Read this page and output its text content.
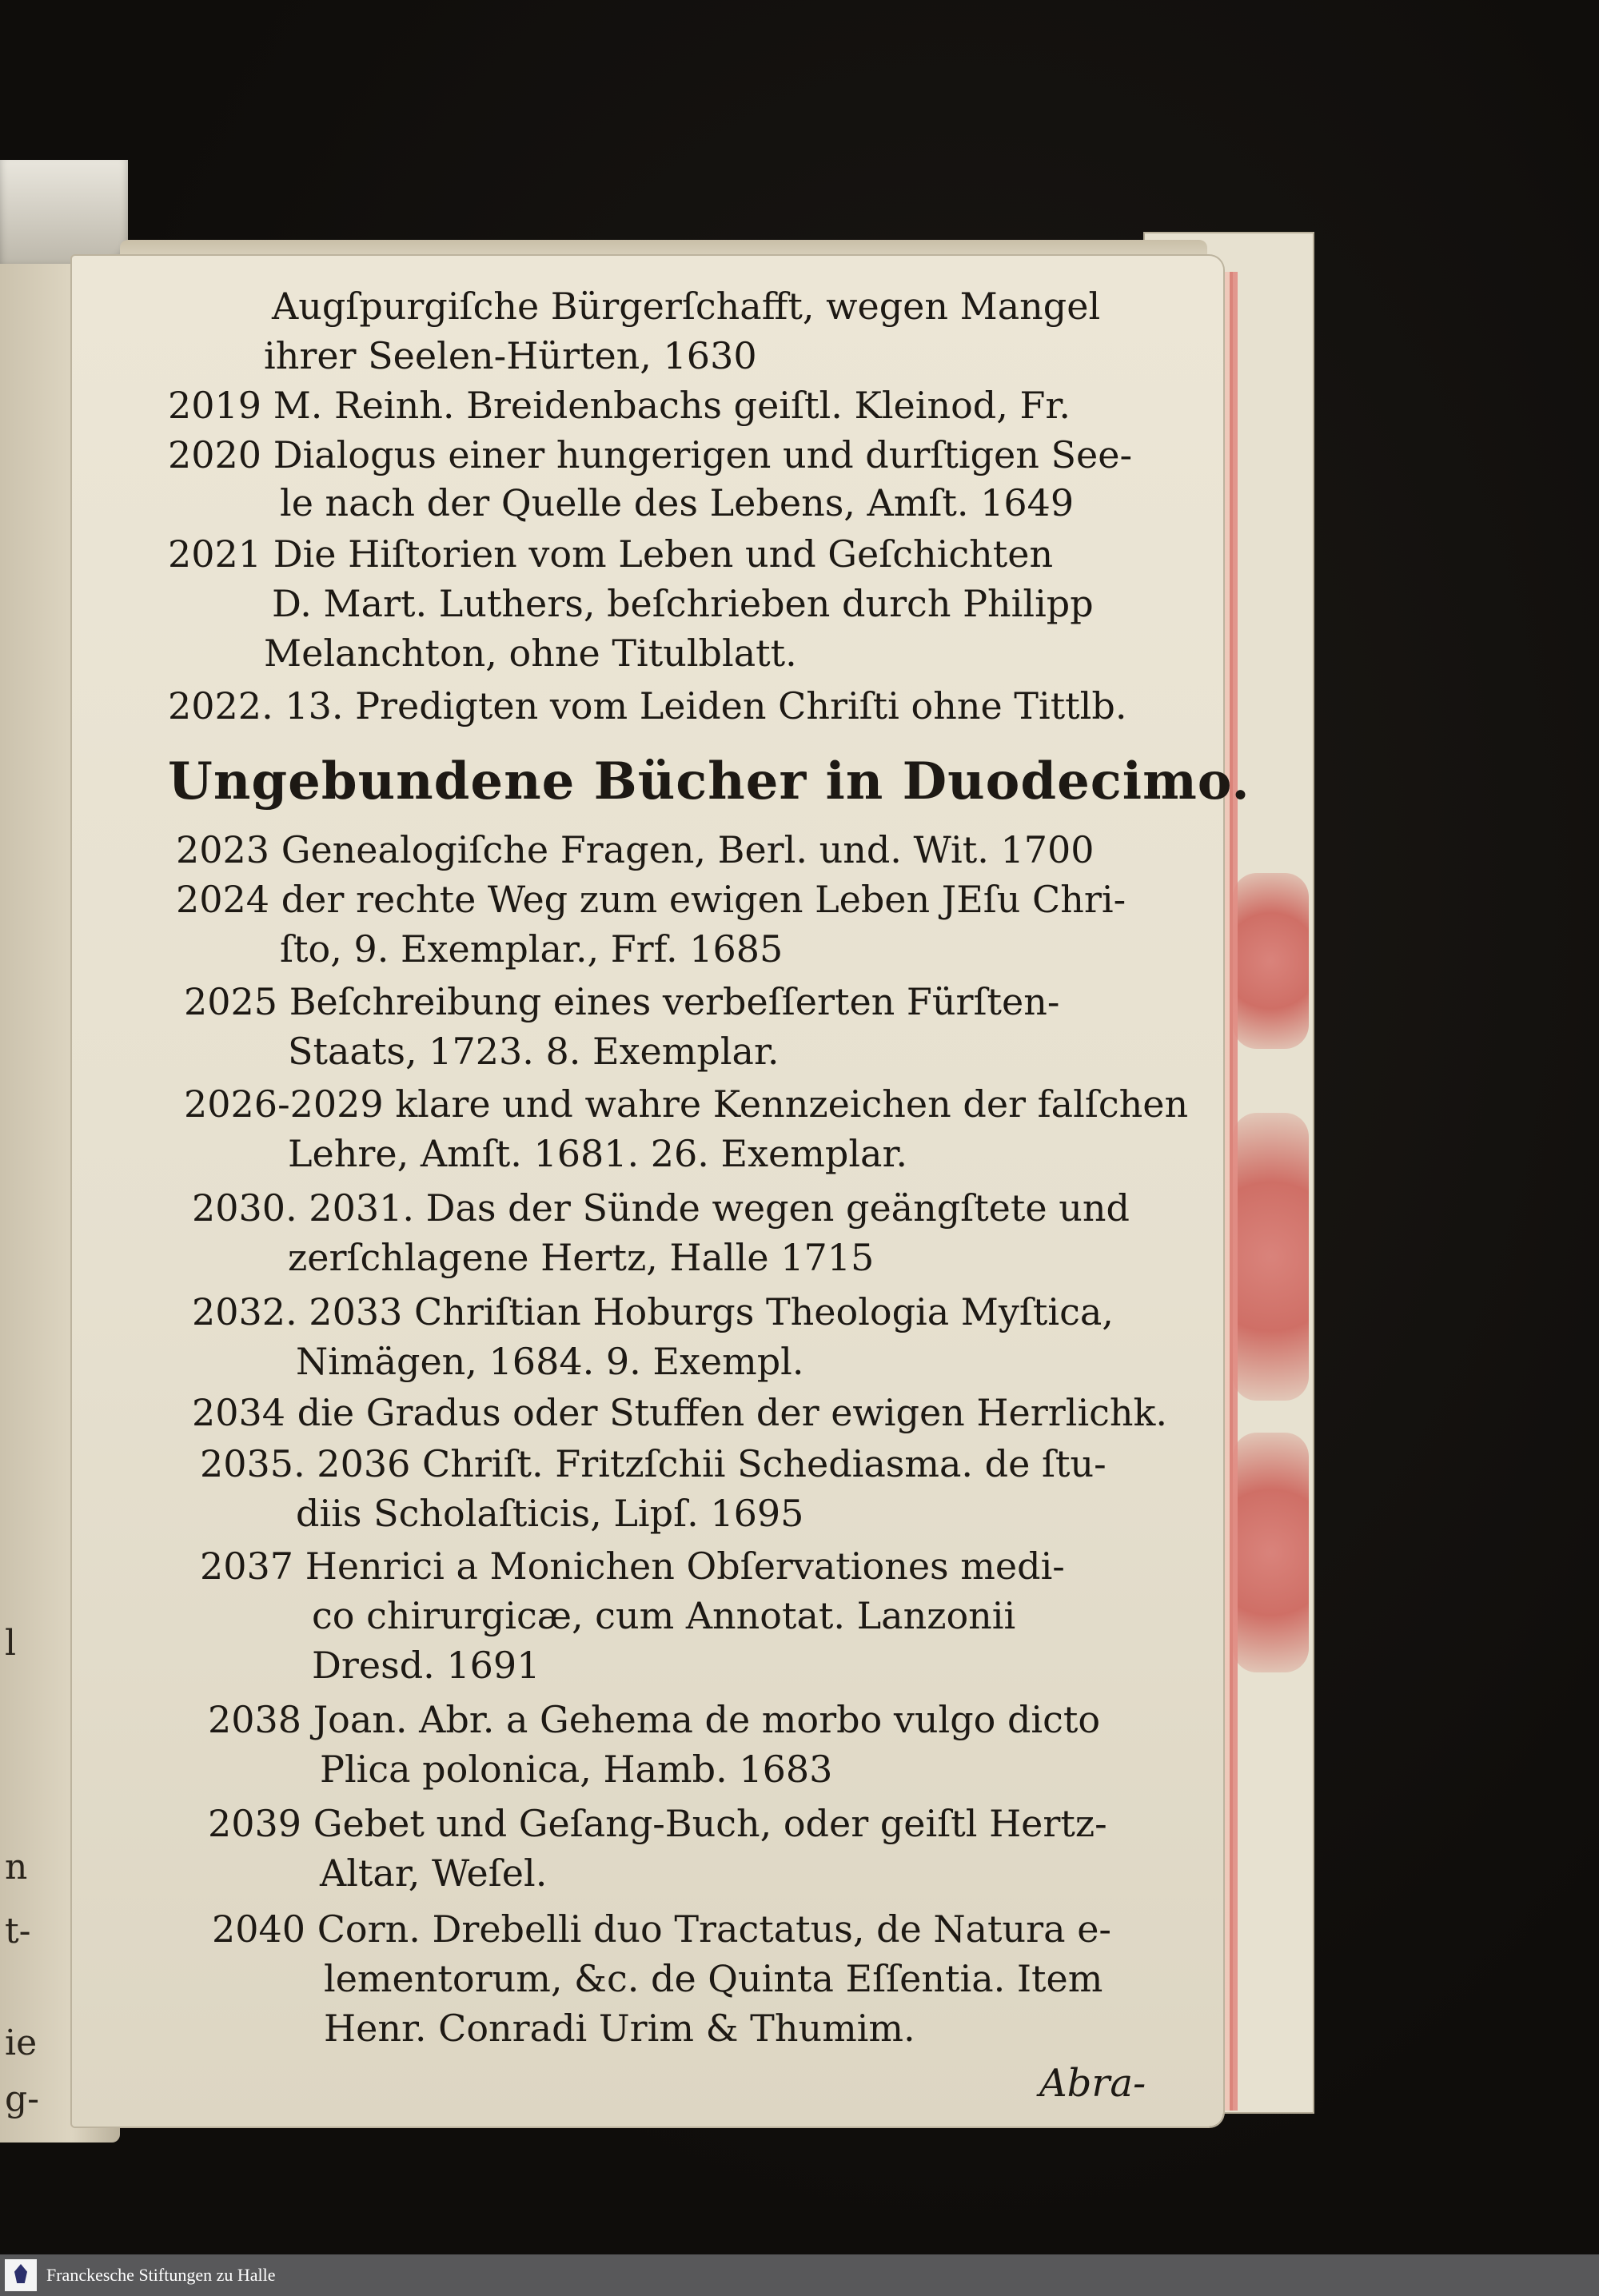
l
n
t-
ie
g-
Augſpurgiſche Bürgerſchafft, wegen Mangel
ihrer Seelen-Hürten, 1630
2019 M. Reinh. Breidenbachs geiſtl. Kleinod, Fr.
2020 Dialogus einer hungerigen und durſtigen See-
le nach der Quelle des Lebens, Amſt. 1649
2021 Die Hiſtorien vom Leben und Geſchichten
D. Mart. Luthers, beſchrieben durch Philipp
Melanchton, ohne Titulblatt.
2022. 13. Predigten vom Leiden Chriſti ohne Tittlb.
Ungebundene Bücher in Duodecimo.
2023 Genealogiſche Fragen, Berl. und. Wit. 1700
2024 der rechte Weg zum ewigen Leben JEſu Chri-
ſto, 9. Exemplar., Frf. 1685
2025 Beſchreibung eines verbeſſerten Fürſten-
Staats, 1723. 8. Exemplar.
2026-2029 klare und wahre Kennzeichen der falſchen
Lehre, Amſt. 1681. 26. Exemplar.
2030. 2031. Das der Sünde wegen geängſtete und
zerſchlagene Hertz, Halle 1715
2032. 2033 Chriſtian Hoburgs Theologia Myſtica,
Nimägen, 1684. 9. Exempl.
2034 die Gradus oder Stuffen der ewigen Herrlichk.
2035. 2036 Chriſt. Fritzſchii Schediasma. de ſtu-
diis Scholaſticis, Lipſ. 1695
2037 Henrici a Monichen Obſervationes medi-
co chirurgicæ, cum Annotat. Lanzonii
Dresd. 1691
2038 Joan. Abr. a Gehema de morbo vulgo dicto
Plica polonica, Hamb. 1683
2039 Gebet und Geſang-Buch, oder geiſtl Hertz-
Altar, Weſel.
2040 Corn. Drebelli duo Tractatus, de Natura e-
lementorum, &c. de Quinta Eſſentia. Item
Henr. Conradi Urim & Thumim.
Abra-
Franckesche Stiftungen zu Halle
